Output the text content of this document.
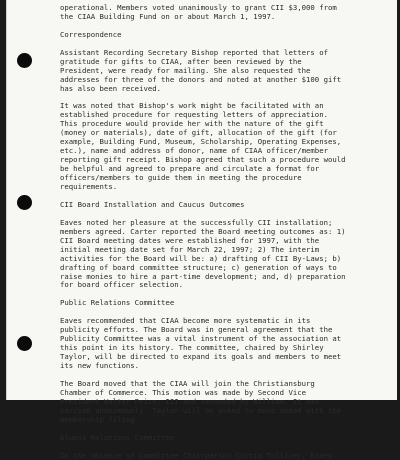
operational. Members voted unanimously to grant CII $3,000 from
the CIAA Building Fund on or about March 1, 1997.

Correspondence

Assistant Recording Secretary Bishop reported that letters of
gratitude for gifts to CIAA, after been reviewed by the
President, were ready for mailing. She also requested the
addresses for three of the donors and noted at another $100 gift
has also been received.

It was noted that Bishop's work might be facilitated with an
established procedure for requesting letters of appreciation.
This procedure would provide her with the nature of the gift
(money or materials), date of gift, allocation of the gift (for
example, Building Fund, Museum, Scholarship, Operating Expenses,
etc.), name and address of donor, name of CIAA officer/member
reporting gift receipt. Bishop agreed that such a procedure would
be helpful and agreed to prepare and circulate a format for
officers/members to guide them in meeting the procedure
requirements.

CII Board Installation and Caucus Outcomes

Eaves noted her pleasure at the successfully CII installation;
members agreed. Carter reported the Board meeting outcomes as: 1)
CII Board meeting dates were established for 1997, with the
initial meeting date set for March 22, 1997; 2) The interim
activities for the Board will be: a) drafting of CII By-Laws; b)
drafting of board committee structure; c) generation of ways to
raise monies to hire a part-time development; and, d) preparation
for board officer selection.

Public Relations Committee

Eaves recommended that CIAA become more systematic in its
publicity efforts. The Board was in general agreement that the
Publicity Committee was a vital instrument of the association at
this point in its history. The committee, chaired by Shirley
Taylor, will be directed to expand its goals and members to meet
its new functions.

The Board moved that the CIAA will join the Christiansburg
Chamber of Commerce. This motion was made by Second Vice
President Walter Price, III and seconded by William. It was
carried unanimously. Taylor will be asked to move ahead with the
membership filing.

Alumni Relations Committee

In the absence of Committee Chairperson Curtis Tolliver, Eaves
